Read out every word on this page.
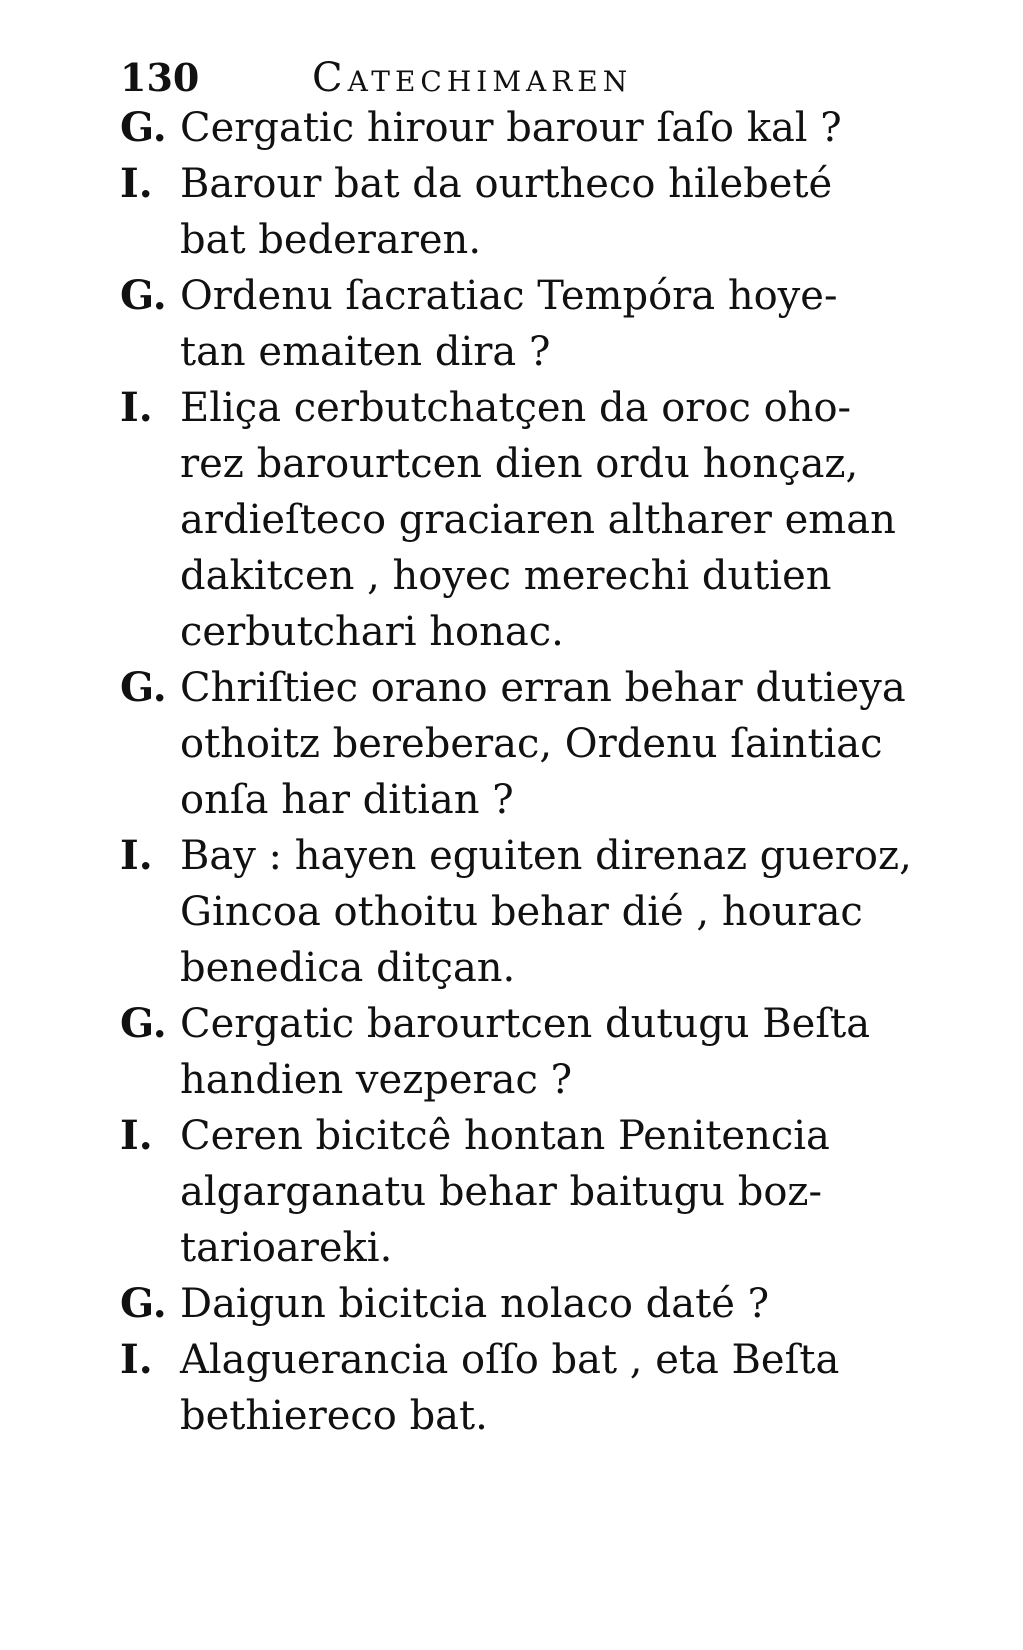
130	Catechimaren
G. Cergatic hirour barour ſaſo kal ?
I. Barour bat da ourtheco hilebeté
bat bederaren.
G. Ordenu ſacratiac Tempóra hoye-
tan emaiten dira ?
I. Eliça cerbutchatçen da oroc oho-
rez barourtcen dien ordu honçaz,
ardieſteco graciaren altharer eman
dakitcen , hoyec merechi dutien
cerbutchari honac.
G. Chriſtiec orano erran behar dutieya
othoitz bereberac, Ordenu ſaintiac
onſa har ditian ?
I. Bay : hayen eguiten direnaz gueroz,
Gincoa othoitu behar dié , hourac
benedica ditçan.
G. Cergatic barourtcen dutugu Beſta
handien vezperac ?
I. Ceren bicitcê hontan Penitencia
algarganatu behar baitugu boz-
tarioareki.
G. Daigun bicitcia nolaco daté ?
I. Alaguerancia oſſo bat , eta Beſta
bethiereco bat.
